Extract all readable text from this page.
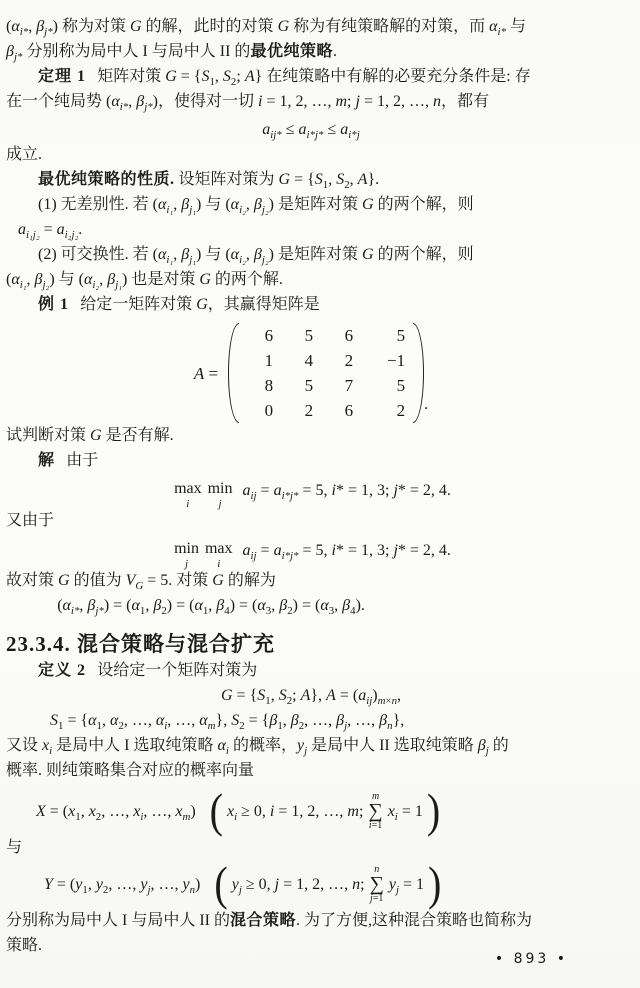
($\alpha_{i*}$, $\beta_{j*}$) 称为对策 G 的解，此时的对策 G 称为有纯策略解的对策，而 $\alpha_{i*}$ 与

$\beta_{j*}$ 分别称为局中人 I 与局中人 II 的最优纯策略.

定理 1 矩阵对策 $G = \{S_1$, $S_2$; A} 在纯策略中有解的必要充分条件是: 存

在一个纯局势 ($\alpha_{i*}$, $\beta_{j*}$)，使得对一切 i = 1, 2, …, m; j = 1, 2, …, n，都有

$a_{ij*} \le a_{i*j*} \le a_{i*j}$

成立.

最优纯策略的性质. 设矩阵对策为 $G = \{S_1$, $S_2$, A}.

(1) 无差别性. 若 ($\alpha_{i_1}$, $\beta_{j_1}$) 与 ($\alpha_{i_2}$, $\beta_{j_2}$) 是矩阵对策 G 的两个解，则

$a_{i_1j_2} = a_{i_2j_2}$.

(2) 可交换性. 若 ($\alpha_{i_1}$, $\beta_{j_1}$) 与 ($\alpha_{i_2}$, $\beta_{j_2}$) 是矩阵对策 G 的两个解，则

($\alpha_{i_1}$, $\beta_{j_2}$) 与 ($\alpha_{i_2}$, $\beta_{j_1}$) 也是对策 G 的两个解.

例 1 给定一矩阵对策 G，其赢得矩阵是

A =
6	5	6	5
1	4	2	−1
8	5	7	5
0	2	6	2 .

试判断对策 G 是否有解.

解 由于

max
i
min
j
$a_{ij} = a_{i*j*} = 5$, i* = 1, 3; j* = 2, 4.

又由于

min
j
max
i
$a_{ij} = a_{i*j*} = 5$, i* = 1, 3; j* = 2, 4.

故对策 G 的值为 $V_G = 5$. 对策 G 的解为

($\alpha_{i*}$, $\beta_{j*}) = (\alpha_1$, $\beta_2) = (\alpha_1$, $\beta_4) = (\alpha_3$, $\beta_2) = (\alpha_3$, $\beta_4$).

23.3.4. 混合策略与混合扩充

定义 2 设给定一个矩阵对策为

$G = \{S_1$, $S_2$; A}, $A = (a_{ij})_{m\times n}$,

$S_1 = \{\alpha_1$, $\alpha_2$, …, $\alpha_i$, …, $\alpha_m$}, $S_2 = \{\beta_1$, $\beta_2$, …, $\beta_j$, …, $\beta_n$},

又设 $x_i$ 是局中人 I 选取纯策略 $\alpha_i$ 的概率，$y_j$ 是局中人 II 选取纯策略 $\beta_j$ 的

概率. 则纯策略集合对应的概率向量

$X = (x_1$, $x_2$, …, $x_i$, …, $x_m$) ( $x_i \ge 0$, i = 1, 2, …, m;
m
∑
i=1
$x_i = 1$ )

与

$Y = (y_1$, $y_2$, …, $y_j$, …, $y_n$) ( $y_j \ge 0$, j = 1, 2, …, n;
n
∑
j=1
$y_j = 1$ )

分别称为局中人 I 与局中人 II 的混合策略. 为了方便,这种混合策略也简称为

策略.

• 893 •
